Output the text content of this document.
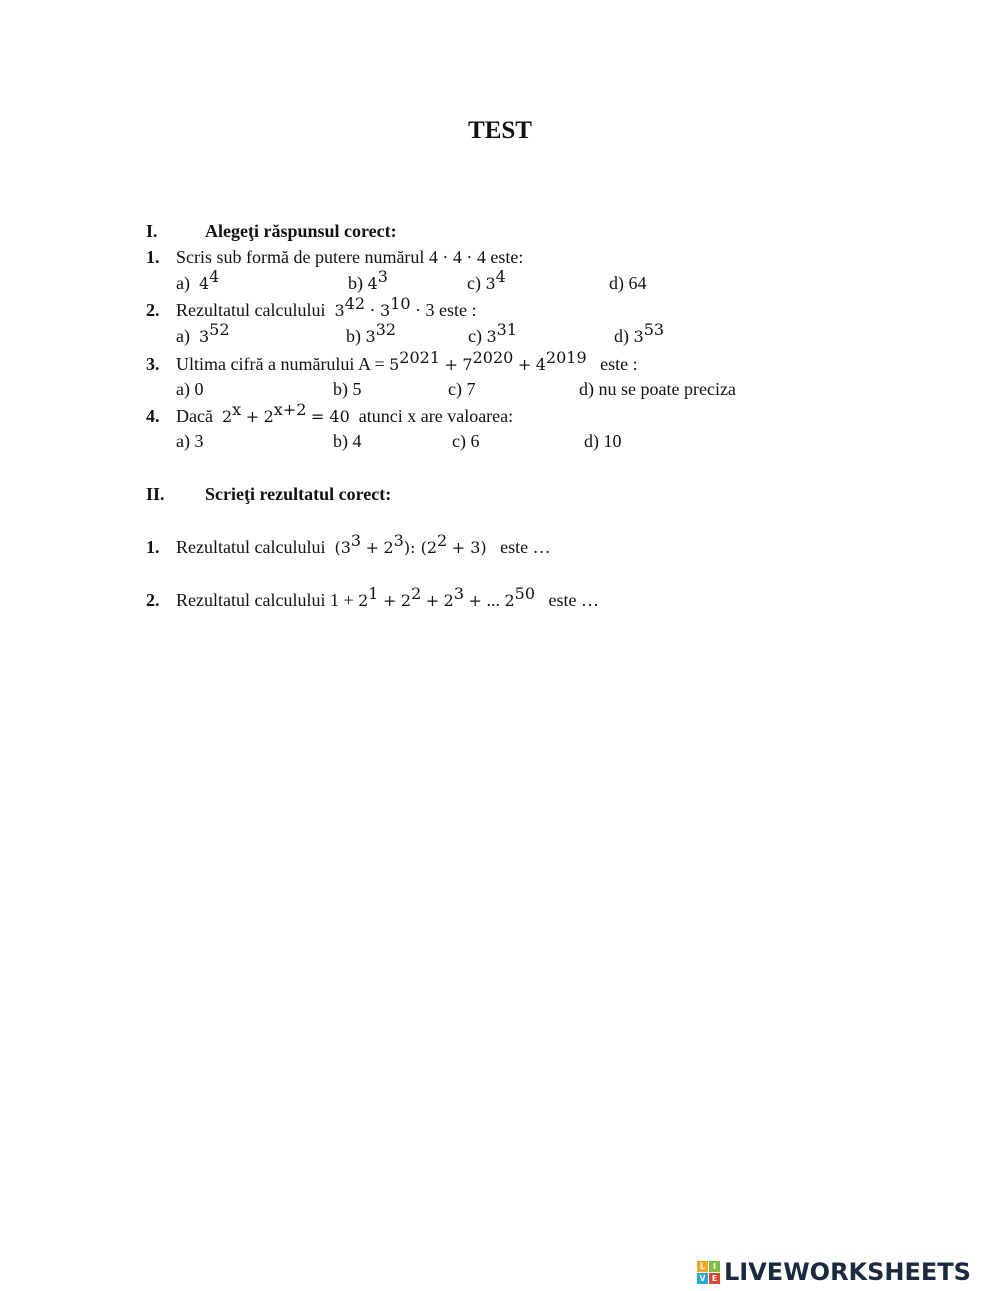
TEST
I.	Alegeţi răspunsul corect:
1. Scris sub formă de putere numărul 4 · 4 · 4 este:
a) $4^4$	b) $4^3$	c) $3^4$	d) 64
2. Rezultatul calculului $3^{42} \cdot 3^{10} \cdot 3$ este :
a) $3^{52}$	b) $3^{32}$	c) $3^{31}$	d) $3^{53}$
3. Ultima cifră a numărului $A = 5^{2021} + 7^{2020} + 4^{2019}$ este :
a) 0	b) 5	c) 7	d) nu se poate preciza
4. Dacă $2^x + 2^{x+2} = 40$ atunci x are valoarea:
a) 3	b) 4	c) 6	d) 10
II. Scrieţi rezultatul corect:
1. Rezultatul calculului $(3^3 + 2^3)$: $(2^2 + 3)$ este …
2. Rezultatul calculului $1 + 2^1 + 2^2 + 2^3$ + ... $2^{50}$ este …
L I
V E LIVEWORKSHEETS
